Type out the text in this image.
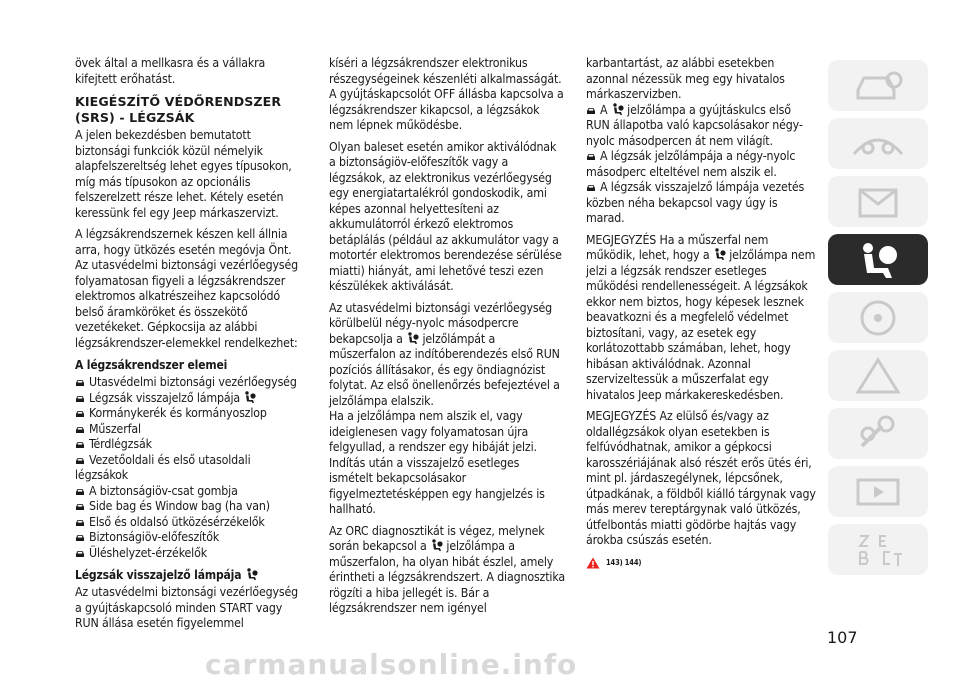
övek által a mellkasra és a vállakra kifejtett erőhatást.

KIEGÉSZÍTŐ VÉDŐRENDSZER (SRS) - LÉGZSÁK

A jelen bekezdésben bemutatott biztonsági funkciók közül némelyik alapfelszereltség lehet egyes típusokon, míg más típusokon az opcionális felszerelzett része lehet. Kétely esetén keressünk fel egy Jeep márkaszervizt.

A légzsákrendszernek készen kell állnia arra, hogy ütközés esetén megóvja Önt. Az utasvédelmi biztonsági vezérlőegység folyamatosan figyeli a légzsákrendszer elektromos alkatrészeihez kapcsolódó belső áramköröket és összekötő vezetékeket. Gépkocsija az alábbi légzsákrendszer-elemekkel rendelkezhet:

A légzsákrendszer elemei
Utasvédelmi biztonsági vezérlőegység
Légzsák visszajelző lámpája
Kormánykerék és kormányoszlop
Műszerfal
Térdlégzsák
Vezetőoldali és első utasoldali légzsákok
A biztonságiöv-csat gombja
Side bag és Window bag (ha van)
Első és oldalsó ütközésérzékelők
Biztonságiöv-előfeszítők
Üléshelyzet-érzékelők
Légzsák visszajelző lámpája

Az utasvédelmi biztonsági vezérlőegység a gyújtáskapcsoló minden START vagy RUN állása esetén figyelemmel

kíséri a légzsákrendszer elektronikus részegységeinek készenléti alkalmasságát. A gyújtáskapcsolót OFF állásba kapcsolva a légzsákrendszer kikapcsol, a légzsákok nem lépnek működésbe.

Olyan baleset esetén amikor aktiválódnak a biztonságiöv-előfeszítők vagy a légzsákok, az elektronikus vezérlőegység egy energiatartalékról gondoskodik, ami képes azonnal helyettesíteni az akkumulátorról érkező elektromos betáplálás (például az akkumulátor vagy a motortér elektromos berendezése sérülése miatti) hiányát, ami lehetővé teszi ezen készülékek aktiválását.

Az utasvédelmi biztonsági vezérlőegység körülbelül négy-nyolc másodpercre bekapcsolja a jelzőlámpát a műszerfalon az indítóberendezés első RUN pozíciós állításakor, és egy öndiagnózist folytat. Az első önellenőrzés befejeztével a jelzőlámpa elalszik.

Ha a jelzőlámpa nem alszik el, vagy ideiglenesen vagy folyamatosan újra felgyullad, a rendszer egy hibáját jelzi. Indítás után a visszajelző esetleges ismételt bekapcsolásakor figyelmeztetésképpen egy hangjelzés is hallható.

Az ORC diagnosztikát is végez, melynek során bekapcsol a jelzőlámpa a műszerfalon, ha olyan hibát észlel, amely érintheti a légzsákrendszert. A diagnosztika rögzíti a hiba jellegét is. Bár a légzsákrendszer nem igényel

karbantartást, az alábbi esetekben azonnal nézessük meg egy hivatalos márkaszervizben.

A jelzőlámpa a gyújtáskulcs első RUN állapotba való kapcsolásakor négy-nyolc másodpercen át nem világít.

A légzsák jelzőlámpája a négy-nyolc másodperc elteltével nem alszik el.

A légzsák visszajelző lámpája vezetés közben néha bekapcsol vagy úgy is marad.

MEGJEGYZÉS Ha a műszerfal nem működik, lehet, hogy a jelzőlámpa nem jelzi a légzsák rendszer esetleges működési rendellenességeit. A légzsákok ekkor nem biztos, hogy képesek lesznek beavatkozni és a megfelelő védelmet biztosítani, vagy, az esetek egy korlátozottabb számában, lehet, hogy hibásan aktiválódnak. Azonnal szervizeltessük a műszerfalat egy hivatalos Jeep márkakereskedésben.

MEGJEGYZÉS Az elülső és/vagy az oldallégzsákok olyan esetekben is felfúvódhatnak, amikor a gépkocsi karosszériájának alsó részét erős ütés éri, mint pl. járdaszegélynek, lépcsőnek, útpadkának, a földből kiálló tárgynak vagy más merev tereptárgynak való ütközés, útfelbontás miatti gödörbe hajtás vagy árokba csúszás esetén.

143) 144)

107
carmanualsonline.info
